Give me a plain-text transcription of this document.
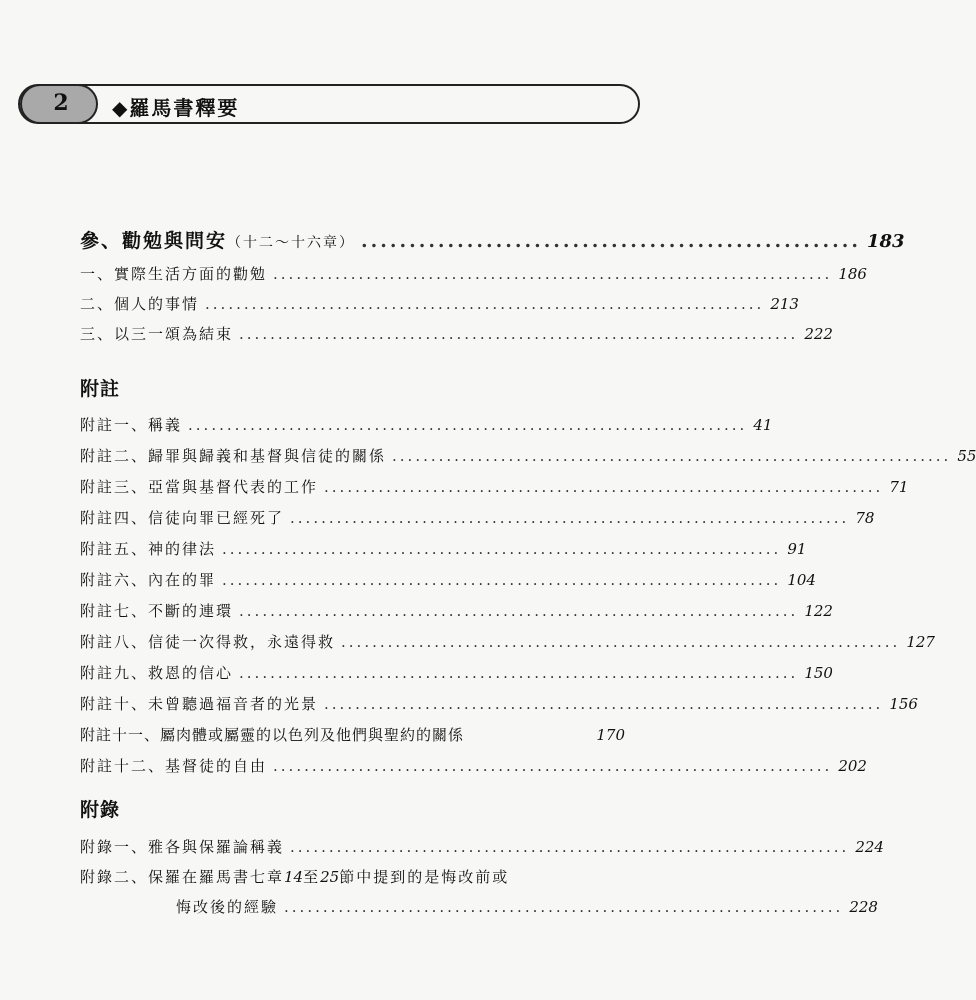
2	◆羅馬書釋要
參、勸勉與問安（十二～十六章） .................................................... 183
一、實際生活方面的勸勉 ........................................................................ 186
二、個人的事情 ........................................................................ 213
三、以三一頌為結束 ........................................................................ 222
附註
附註一、稱義 ........................................................................ 41
附註二、歸罪與歸義和基督與信徒的關係 ........................................................................ 55
附註三、亞當與基督代表的工作 ........................................................................ 71
附註四、信徒向罪已經死了 ........................................................................ 78
附註五、神的律法 ........................................................................ 91
附註六、內在的罪 ........................................................................ 104
附註七、不斷的連環 ........................................................................ 122
附註八、信徒一次得救，永遠得救 ........................................................................ 127
附註九、救恩的信心 ........................................................................ 150
附註十、未曾聽過福音者的光景 ........................................................................ 156
附註十一、屬肉體或屬靈的以色列及他們與聖約的關係	170
附註十二、基督徒的自由 ........................................................................ 202
附錄
附錄一、雅各與保羅論稱義 ........................................................................ 224
附錄二、保羅在羅馬書七章14至25節中提到的是悔改前或
悔改後的經驗 ........................................................................ 228
